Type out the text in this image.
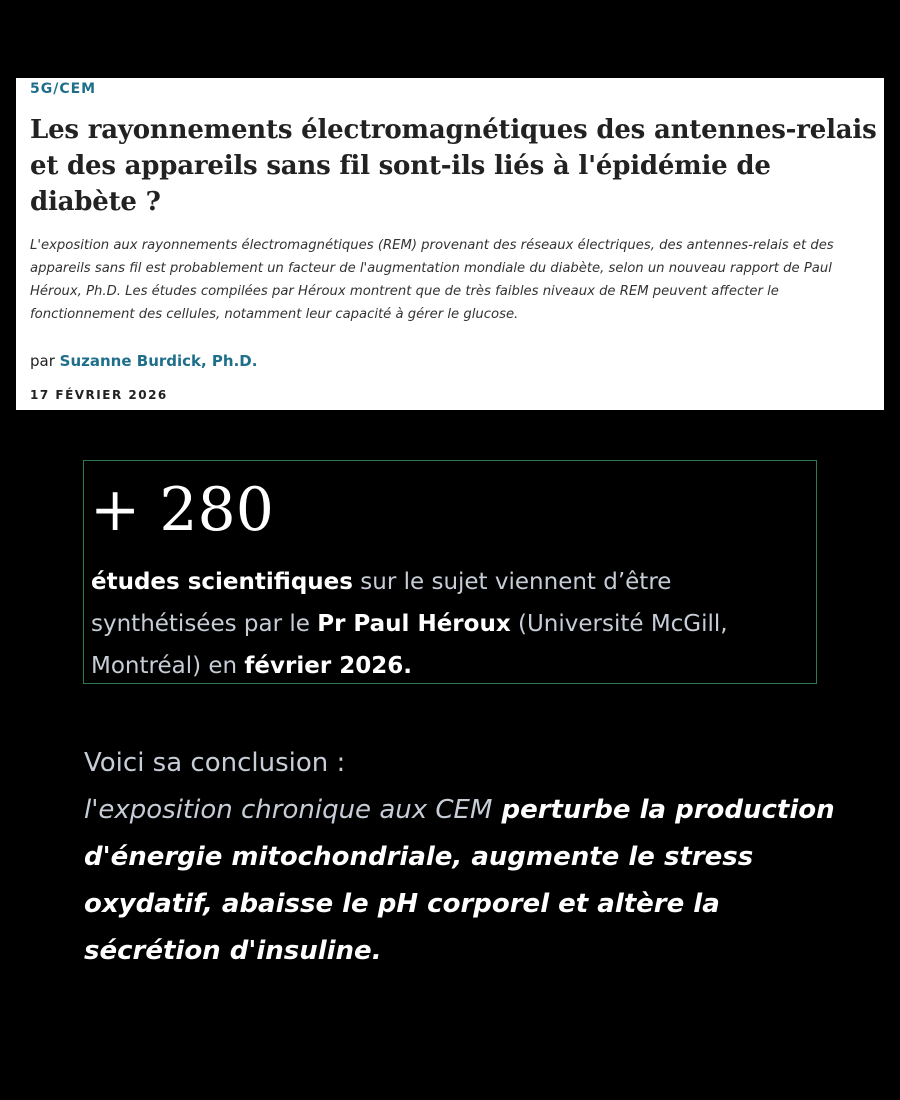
5G/CEM
Les rayonnements électromagnétiques des antennes-relais et des appareils sans fil sont-ils liés à l'épidémie de diabète ?

L'exposition aux rayonnements électromagnétiques (REM) provenant des réseaux électriques, des antennes-relais et des appareils sans fil est probablement un facteur de l'augmentation mondiale du diabète, selon un nouveau rapport de Paul Héroux, Ph.D. Les études compilées par Héroux montrent que de très faibles niveaux de REM peuvent affecter le fonctionnement des cellules, notamment leur capacité à gérer le glucose.

par Suzanne Burdick, Ph.D.
17 FÉVRIER 2026
+ 280

études scientifiques sur le sujet viennent d’être synthétisées par le Pr Paul Héroux (Université McGill, Montréal) en février 2026.

Voici sa conclusion :
l'exposition chronique aux CEM perturbe la production d'énergie mitochondriale, augmente le stress oxydatif, abaisse le pH corporel et altère la sécrétion d'insuline.
